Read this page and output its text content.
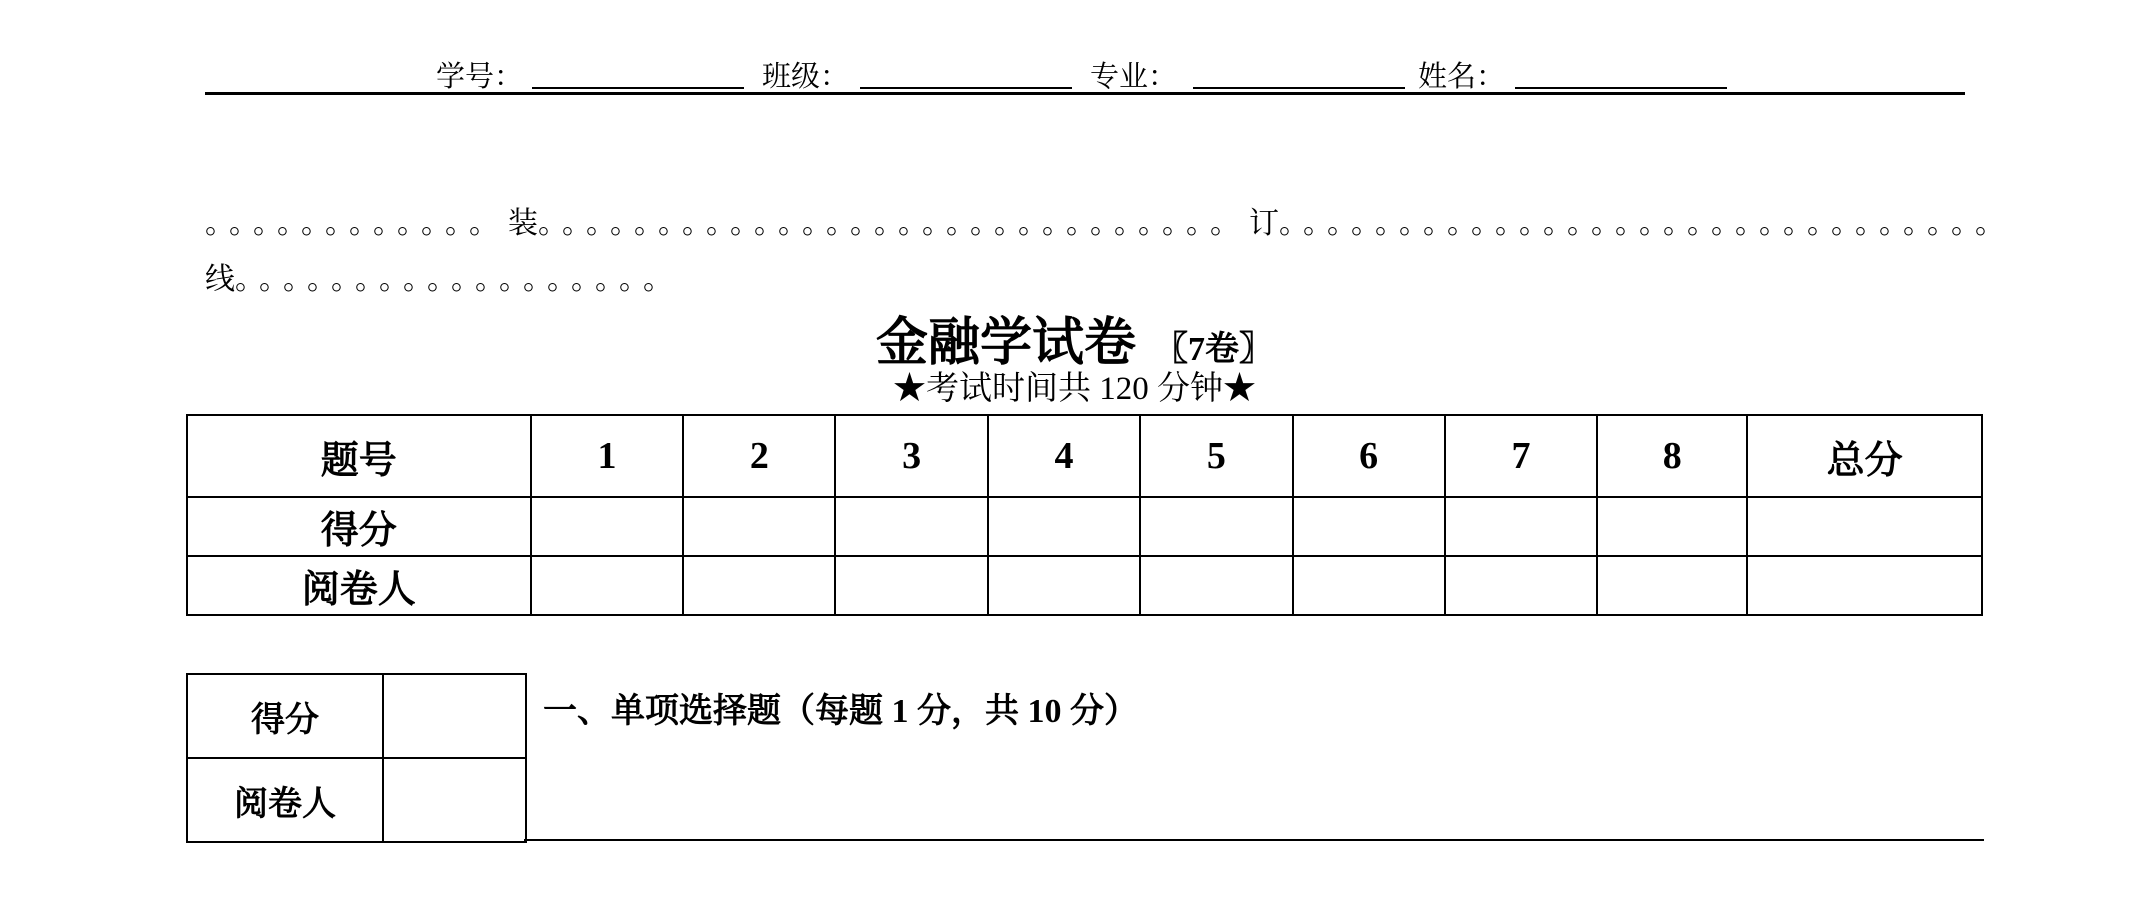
学号：	班级：	专业：	姓名：
。。。。。。。。。。。。装。。。。。。。。。。。。。。。。。。。。。。。。。。。。。订。。。。。。。。。。。。。。。。。。。。。。。。。。。。。。
线。。。。。。。。。。。。。。。。。。
金融学试卷 〖7卷〗
★考试时间共 120 分钟★
题号	1	2	3	4	5	6	7	8	总分
得分									
阅卷人									
得分	
阅卷人	
一、单项选择题（每题 1 分，共 10 分）
